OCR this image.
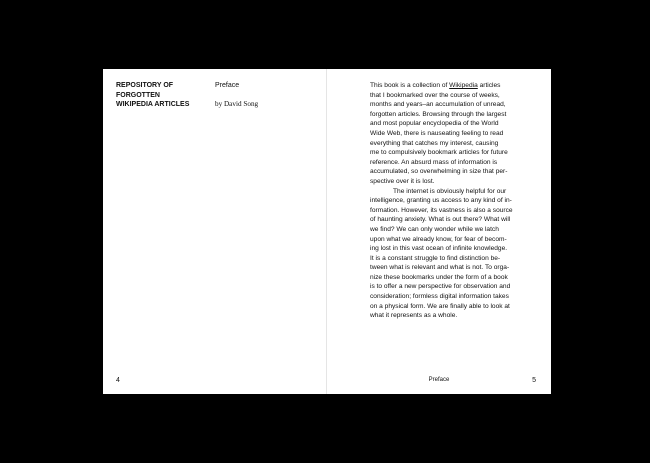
REPOSITORY OF
FORGOTTEN
WIKIPEDIA ARTICLES
Preface
by David Song
4
This book is a collection of Wikipedia articles
that I bookmarked over the course of weeks,
months and years–an accumulation of unread,
forgotten articles. Browsing through the largest
and most popular encyclopedia of the World
Wide Web, there is nauseating feeling to read
everything that catches my interest, causing
me to compulsively bookmark articles for future
reference. An absurd mass of information is
accumulated, so overwhelming in size that per-
spective over it is lost.
The internet is obviously helpful for our
intelligence, granting us access to any kind of in-
formation. However, its vastness is also a source
of haunting anxiety. What is out there? What will
we find? We can only wonder while we latch
upon what we already know, for fear of becom-
ing lost in this vast ocean of infinite knowledge.
It is a constant struggle to find distinction be-
tween what is relevant and what is not. To orga-
nize these bookmarks under the form of a book
is to offer a new perspective for observation and
consideration; formless digital information takes
on a physical form. We are finally able to look at
what it represents as a whole.
Preface	5
